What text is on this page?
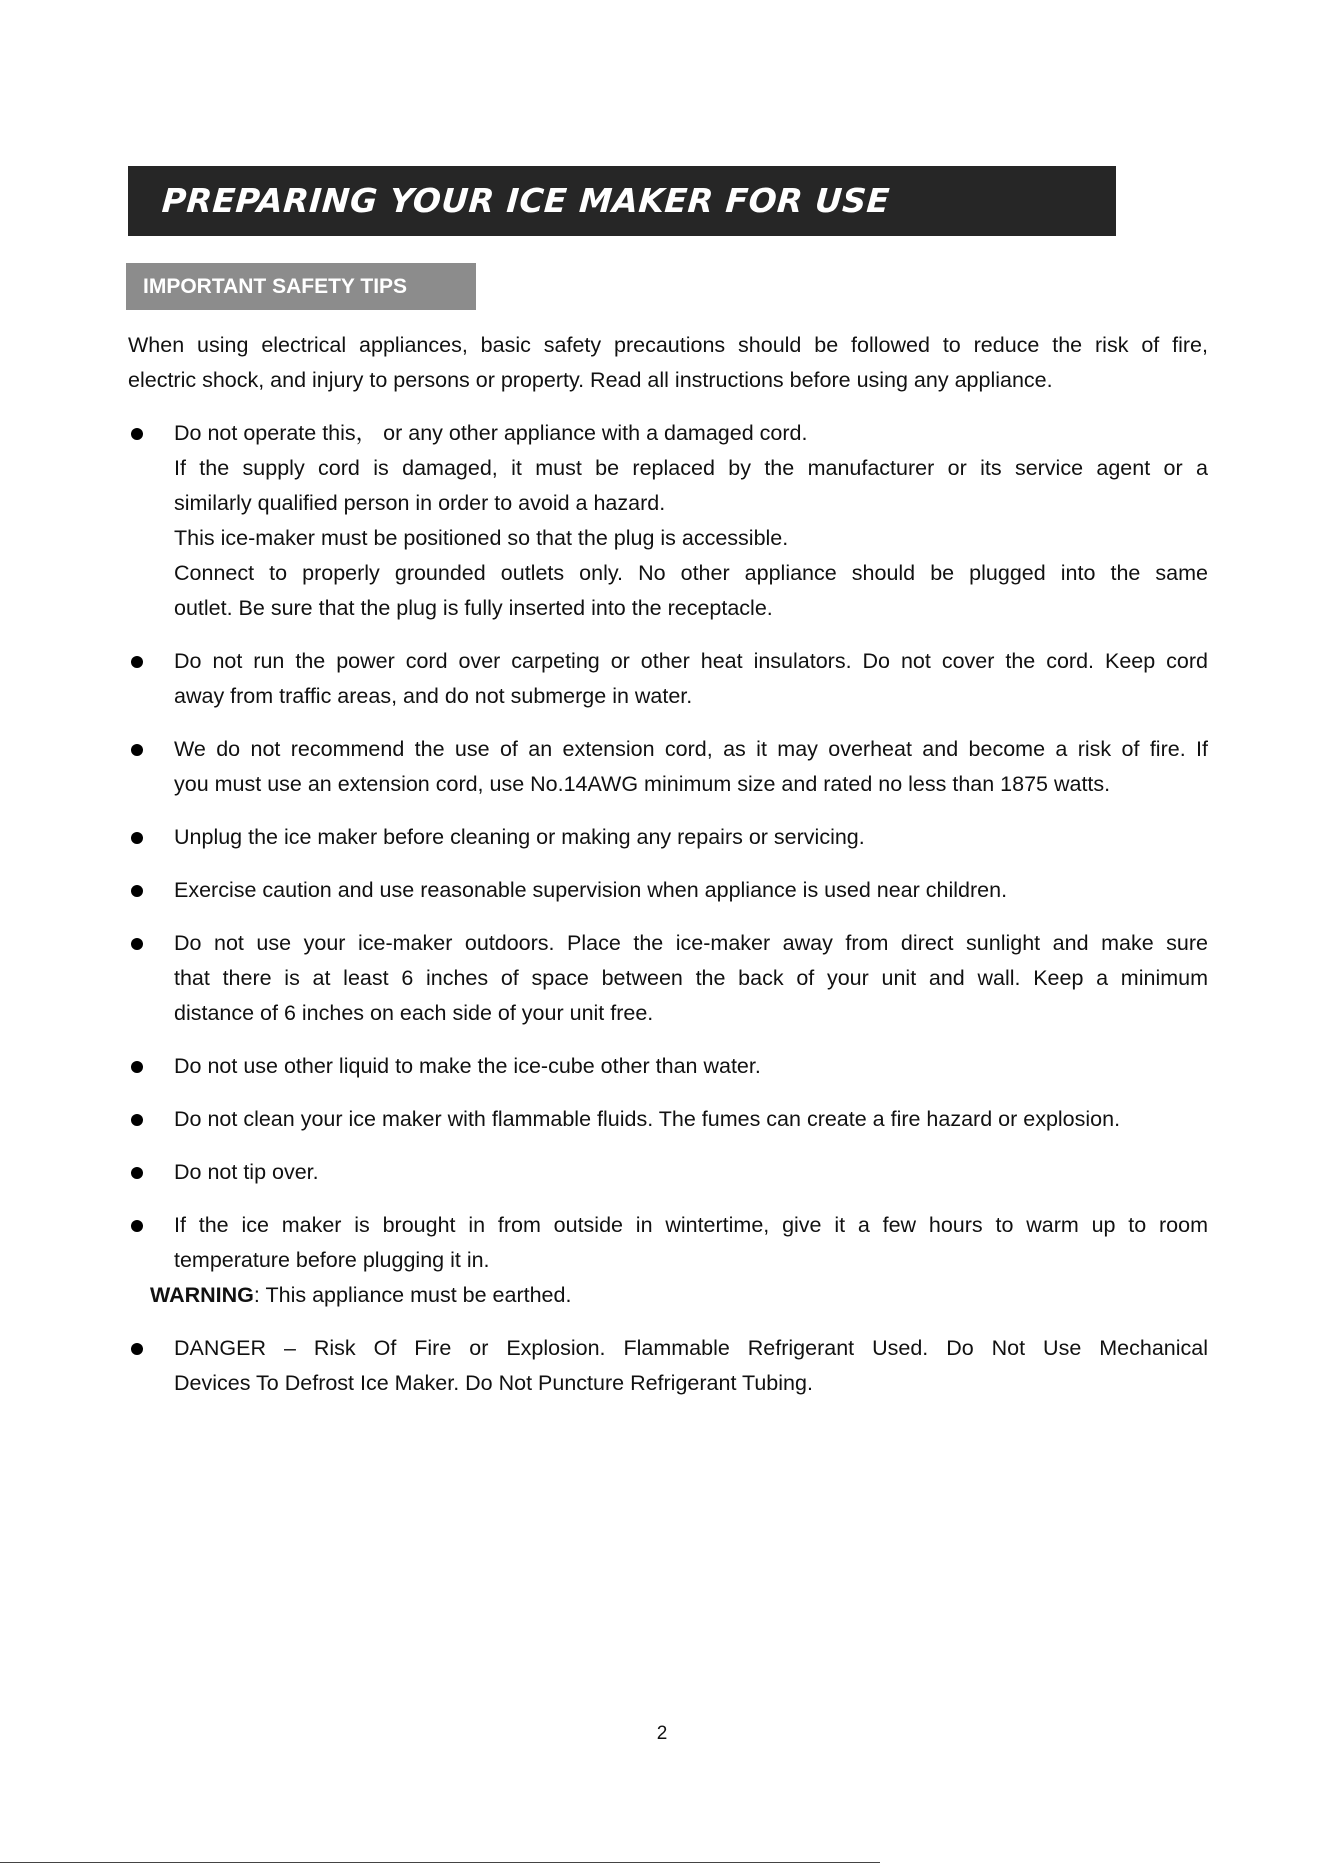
PREPARING YOUR ICE MAKER FOR USE
IMPORTANT SAFETY TIPS

When using electrical appliances, basic safety precautions should be followed to reduce the risk of fire,
electric shock, and injury to persons or property. Read all instructions before using any appliance.

Do not operate this， or any other appliance with a damaged cord.
If the supply cord is damaged, it must be replaced by the manufacturer or its service agent or a
similarly qualified person in order to avoid a hazard.
This ice-maker must be positioned so that the plug is accessible.
Connect to properly grounded outlets only. No other appliance should be plugged into the same
outlet. Be sure that the plug is fully inserted into the receptacle.
Do not run the power cord over carpeting or other heat insulators. Do not cover the cord. Keep cord
away from traffic areas, and do not submerge in water.
We do not recommend the use of an extension cord, as it may overheat and become a risk of fire. If
you must use an extension cord, use No.14AWG minimum size and rated no less than 1875 watts.
Unplug the ice maker before cleaning or making any repairs or servicing.
Exercise caution and use reasonable supervision when appliance is used near children.
Do not use your ice-maker outdoors. Place the ice-maker away from direct sunlight and make sure
that there is at least 6 inches of space between the back of your unit and wall. Keep a minimum
distance of 6 inches on each side of your unit free.
Do not use other liquid to make the ice-cube other than water.
Do not clean your ice maker with flammable fluids. The fumes can create a fire hazard or explosion.
Do not tip over.
If the ice maker is brought in from outside in wintertime, give it a few hours to warm up to room
temperature before plugging it in.
WARNING: This appliance must be earthed.
DANGER – Risk Of Fire or Explosion. Flammable Refrigerant Used. Do Not Use Mechanical
Devices To Defrost Ice Maker. Do Not Puncture Refrigerant Tubing.
2
